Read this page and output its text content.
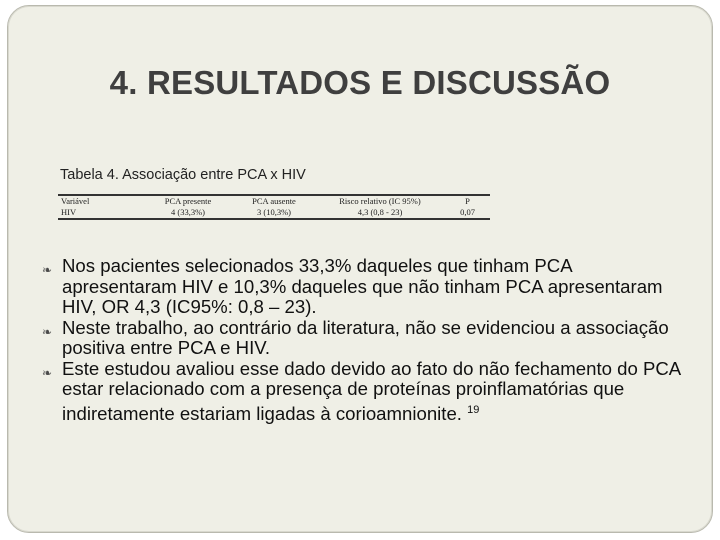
4. RESULTADOS E DISCUSSÃO
Tabela 4. Associação entre PCA x HIV
Variável	PCA presente	PCA ausente	Risco relativo (IC 95%)	P
HIV	4 (33,3%)	3 (10,3%)	4,3 (0,8 - 23)	0,07
❧ Nos pacientes selecionados 33,3% daqueles que tinham PCA apresentaram HIV e 10,3% daqueles que não tinham PCA apresentaram HIV, OR 4,3 (IC95%: 0,8 – 23).
❧ Neste trabalho, ao contrário da literatura, não se evidenciou a associação positiva entre PCA e HIV.
❧ Este estudou avaliou esse dado devido ao fato do não fechamento do PCA estar relacionado com a presença de proteínas proinflamatórias que indiretamente estariam ligadas à corioamnionite. $^{19}$
